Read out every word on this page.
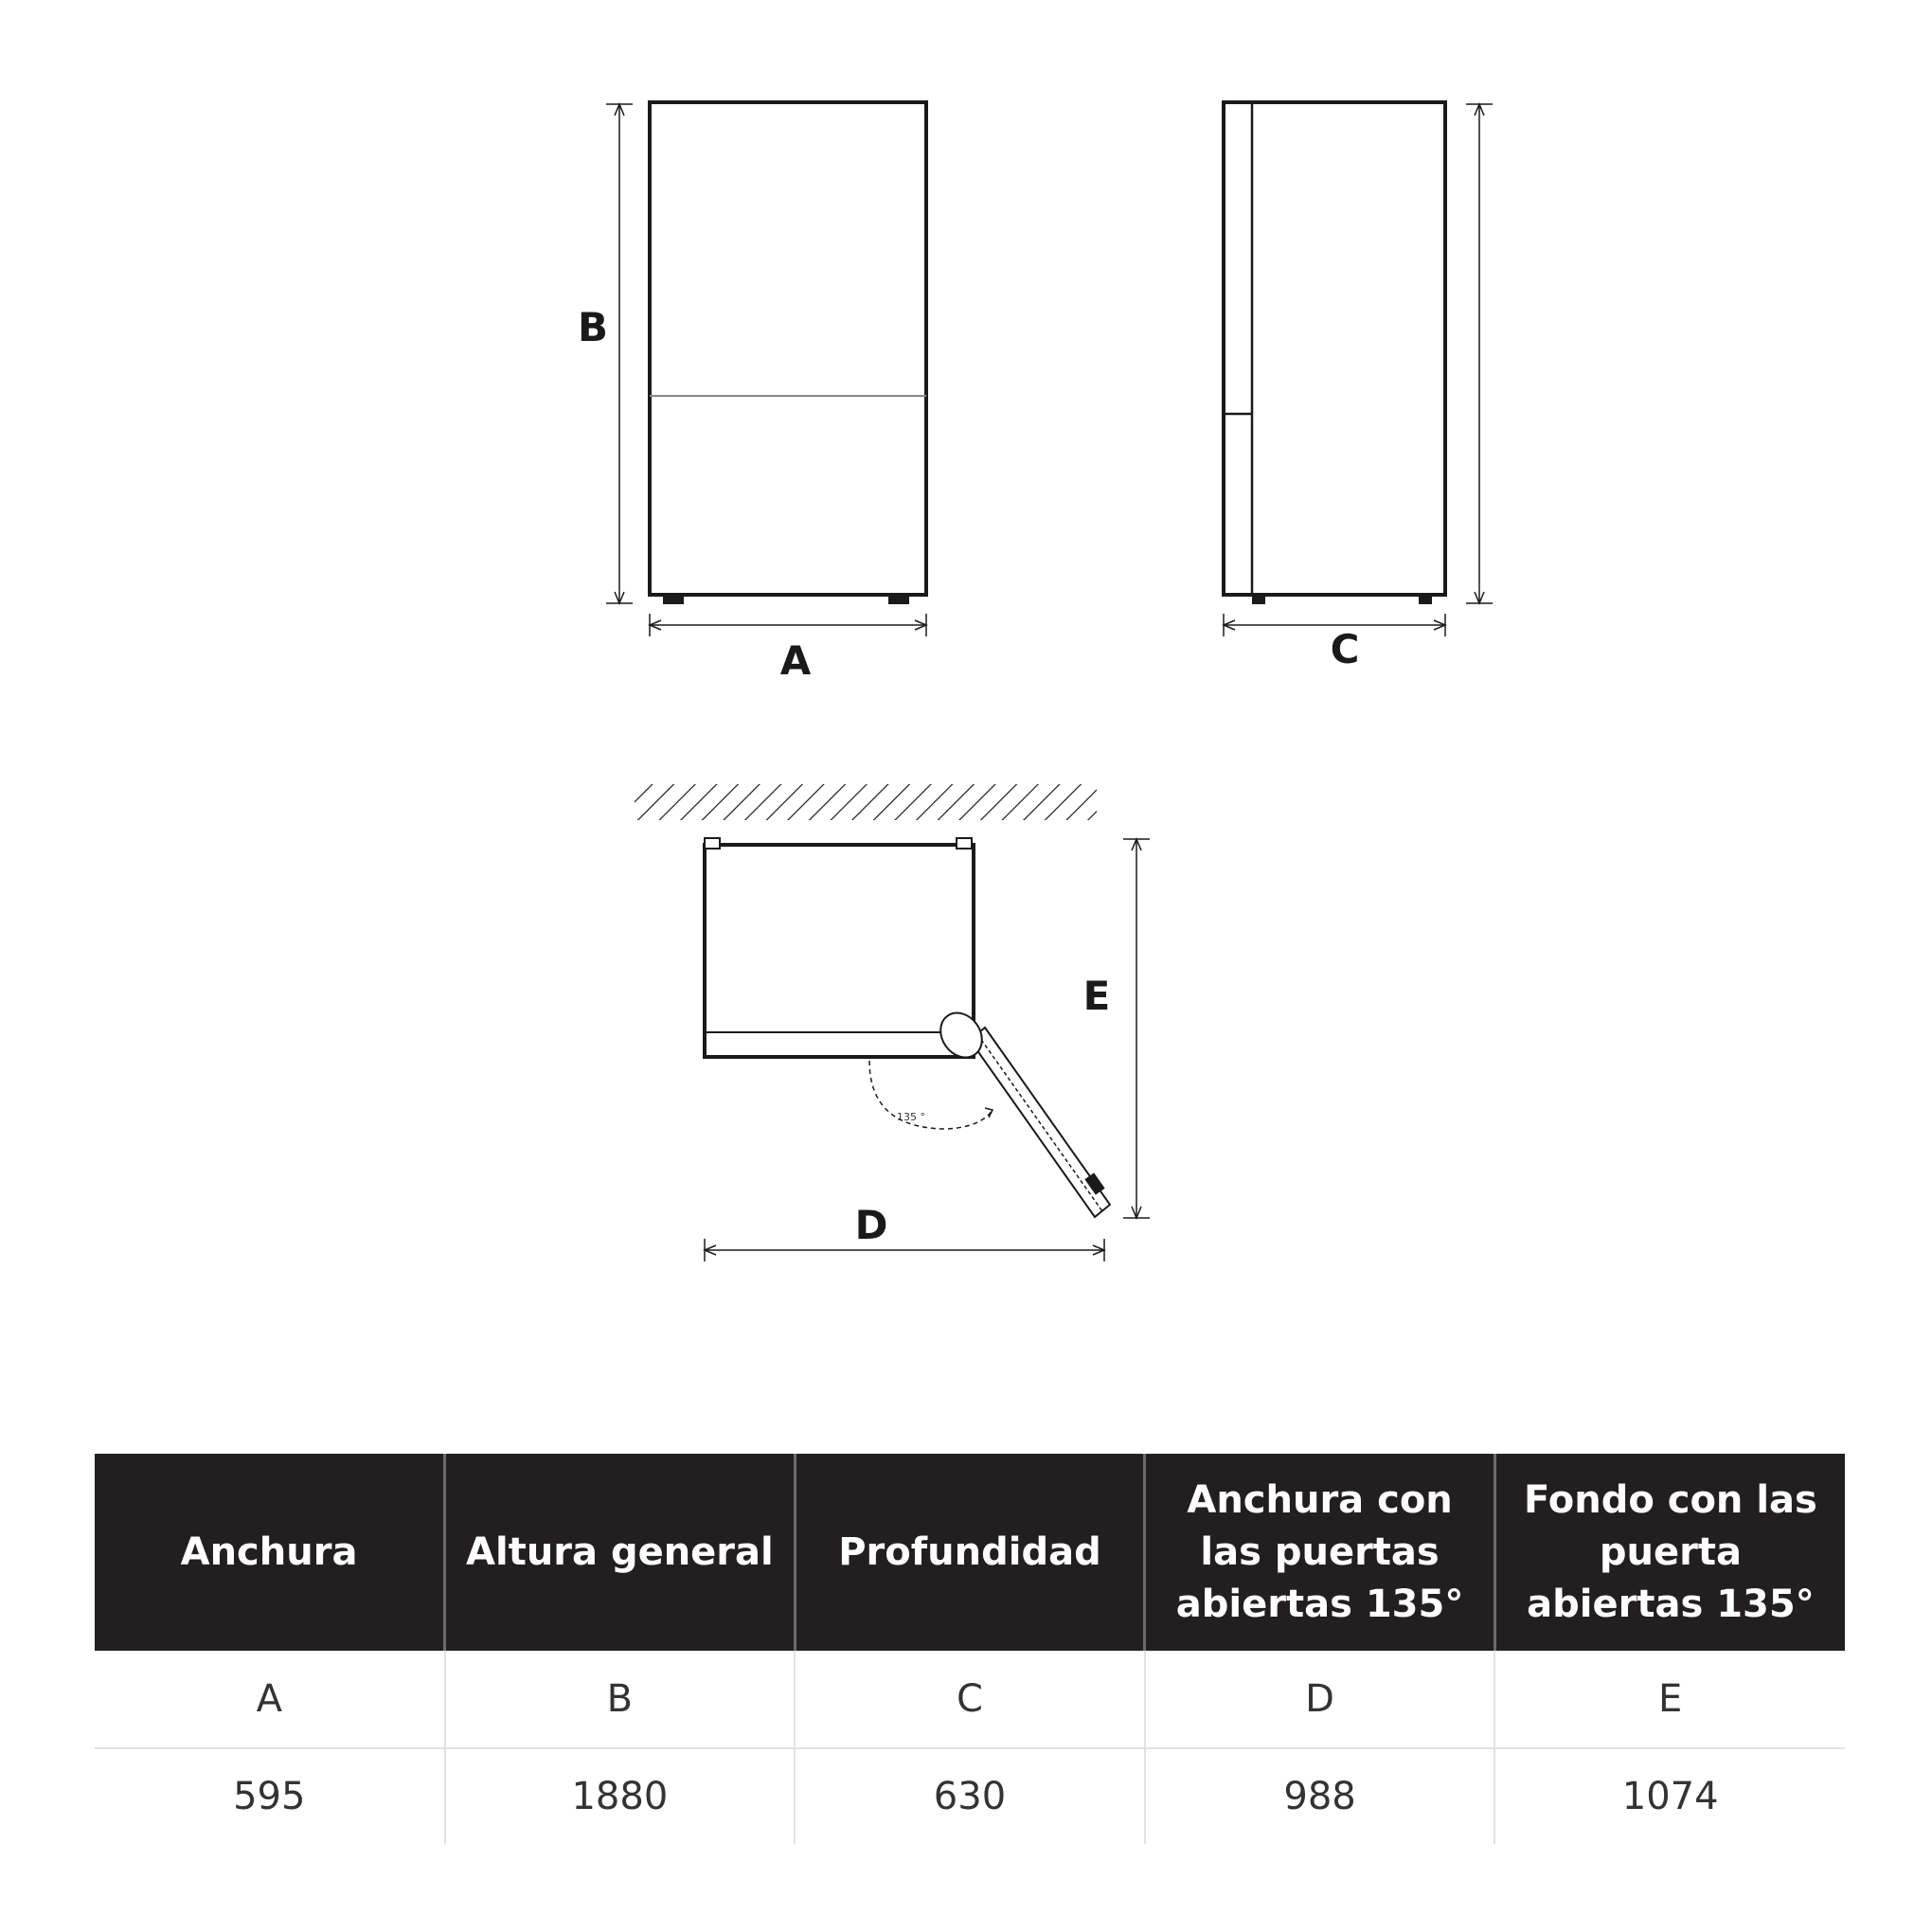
B
A	C
135 °
E
D
Anchura	Altura general	Profundidad	Anchura con las puertas abiertas 135°	Fondo con las puerta abiertas 135°
A	B	C	D	E
595	1880	630	988	1074
